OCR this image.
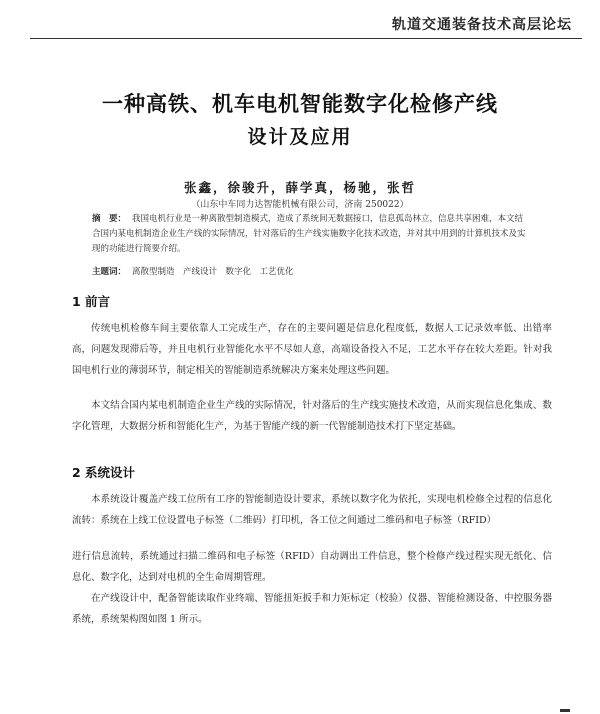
轨道交通装备技术高层论坛
一种高铁、机车电机智能数字化检修产线
设计及应用
张鑫，徐骏升，薛学真，杨驰，张哲
（山东中车同力达智能机械有限公司，济南 250022）
摘　要： 我国电机行业是一种离散型制造模式，造成了系统间无数据接口，信息孤岛林立，信息共享困难，本文结合国内某电机制造企业生产线的实际情况，针对落后的生产线实施数字化技术改造，并对其中用到的计算机技术及实现的功能进行简要介绍。
主题词： 离散型制造　产线设计　数字化　工艺优化
1 前言

传统电机检修车间主要依靠人工完成生产，存在的主要问题是信息化程度低，数据人工记录效率低、出错率高，问题发现滞后等，并且电机行业智能化水平不尽如人意，高端设备投入不足，工艺水平存在较大差距。针对我国电机行业的薄弱环节，制定相关的智能制造系统解决方案来处理这些问题。

本文结合国内某电机制造企业生产线的实际情况，针对落后的生产线实施技术改造，从而实现信息化集成、数字化管理，大数据分析和智能化生产，为基于智能产线的新一代智能制造技术打下坚定基础。

2 系统设计

本系统设计覆盖产线工位所有工序的智能制造设计要求，系统以数字化为依托，实现电机检修全过程的信息化流转：系统在上线工位设置电子标签（二维码）打印机，各工位之间通过二维码和电子标签（RFID）

进行信息流转，系统通过扫描二维码和电子标签（RFID）自动调出工件信息，整个检修产线过程实现无纸化、信息化、数字化，达到对电机的全生命周期管理。

在产线设计中，配备智能读取作业终端、智能扭矩扳手和力矩标定（校验）仪器、智能检测设备、中控服务器系统，系统架构图如图 1 所示。
